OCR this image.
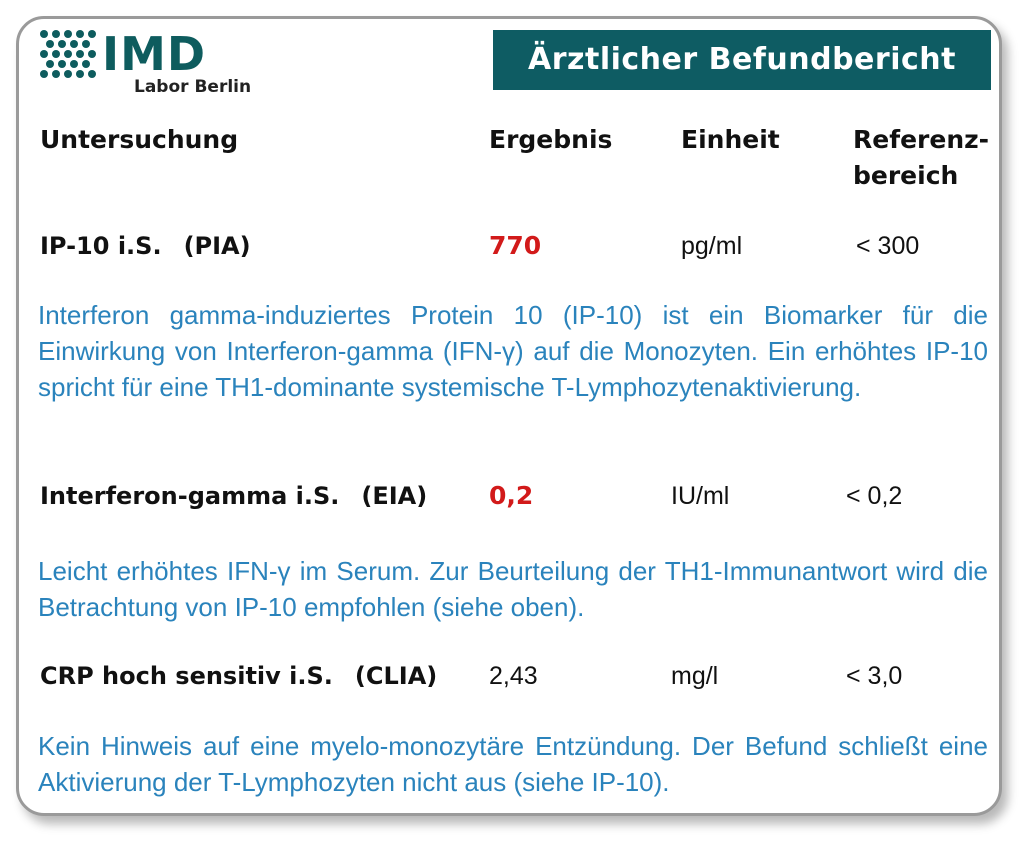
IMD
Labor Berlin
Ärztlicher Befundbericht
Untersuchung	Ergebnis	Einheit	Referenz-
bereich
IP-10 i.S. (PIA)	770	pg/ml	< 300
Interferon gamma-induziertes Protein 10 (IP-10) ist ein Biomarker für die Einwirkung von Interferon-gamma (IFN-γ) auf die Monozyten. Ein erhöhtes IP-10 spricht für eine TH1-dominante systemische T-Lymphozytenaktivierung.
Interferon-gamma i.S. (EIA) 0,2	IU/ml	< 0,2
Leicht erhöhtes IFN-γ im Serum. Zur Beurteilung der TH1-Immunantwort wird die Betrachtung von IP-10 empfohlen (siehe oben).
CRP hoch sensitiv i.S. (CLIA) 2,43	mg/l	< 3,0
Kein Hinweis auf eine myelo-monozytäre Entzündung. Der Befund schließt eine Aktivierung der T-Lymphozyten nicht aus (siehe IP-10).
